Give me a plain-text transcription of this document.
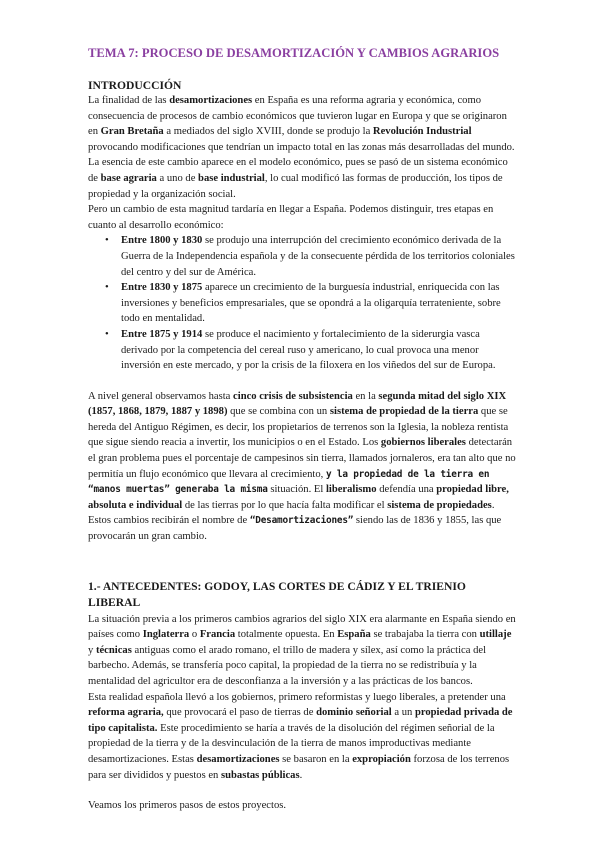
TEMA 7: PROCESO DE DESAMORTIZACIÓN Y CAMBIOS AGRARIOS
INTRODUCCIÓN

La finalidad de las desamortizaciones en España es una reforma agraria y económica, como consecuencia de procesos de cambio económicos que tuvieron lugar en Europa y que se originaron en Gran Bretaña a mediados del siglo XVIII, donde se produjo la Revolución Industrial provocando modificaciones que tendrían un impacto total en las zonas más desarrolladas del mundo. La esencia de este cambio aparece en el modelo económico, pues se pasó de un sistema económico de base agraria a uno de base industrial, lo cual modificó las formas de producción, los tipos de propiedad y la organización social.

Pero un cambio de esta magnitud tardaría en llegar a España. Podemos distinguir, tres etapas en cuanto al desarrollo económico:

• Entre 1800 y 1830 se produjo una interrupción del crecimiento económico derivada de la Guerra de la Independencia española y de la consecuente pérdida de los territorios coloniales del centro y del sur de América.
• Entre 1830 y 1875 aparece un crecimiento de la burguesía industrial, enriquecida con las inversiones y beneficios empresariales, que se opondrá a la oligarquía terrateniente, sobre todo en mentalidad.
• Entre 1875 y 1914 se produce el nacimiento y fortalecimiento de la siderurgia vasca derivado por la competencia del cereal ruso y americano, lo cual provoca una menor inversión en este mercado, y por la crisis de la filoxera en los viñedos del sur de Europa.

A nivel general observamos hasta cinco crisis de subsistencia en la segunda mitad del siglo XIX (1857, 1868, 1879, 1887 y 1898) que se combina con un sistema de propiedad de la tierra que se hereda del Antiguo Régimen, es decir, los propietarios de terrenos son la Iglesia, la nobleza rentista que sigue siendo reacia a invertir, los municipios o en el Estado. Los gobiernos liberales detectarán el gran problema pues el porcentaje de campesinos sin tierra, llamados jornaleros, era tan alto que no permitía un flujo económico que llevara al crecimiento, y la propiedad de la tierra en “manos muertas” generaba la misma situación. El liberalismo defendía una propiedad libre, absoluta e individual de las tierras por lo que hacía falta modificar el sistema de propiedades. Estos cambios recibirán el nombre de “Desamortizaciones” siendo las de 1836 y 1855, las que provocarán un gran cambio.

1.- ANTECEDENTES: GODOY, LAS CORTES DE CÁDIZ Y EL TRIENIO LIBERAL

La situación previa a los primeros cambios agrarios del siglo XIX era alarmante en España siendo en países como Inglaterra o Francia totalmente opuesta. En España se trabajaba la tierra con utillaje y técnicas antiguas como el arado romano, el trillo de madera y sílex, así como la práctica del barbecho. Además, se transfería poco capital, la propiedad de la tierra no se redistribuía y la mentalidad del agricultor era de desconfianza a la inversión y a las prácticas de los bancos.

Esta realidad española llevó a los gobiernos, primero reformistas y luego liberales, a pretender una reforma agraria, que provocará el paso de tierras de dominio señorial a un propiedad privada de tipo capitalista. Este procedimiento se haría a través de la disolución del régimen señorial de la propiedad de la tierra y de la desvinculación de la tierra de manos improductivas mediante desamortizaciones. Estas desamortizaciones se basaron en la expropiación forzosa de los terrenos para ser divididos y puestos en subastas públicas.

Veamos los primeros pasos de estos proyectos.
